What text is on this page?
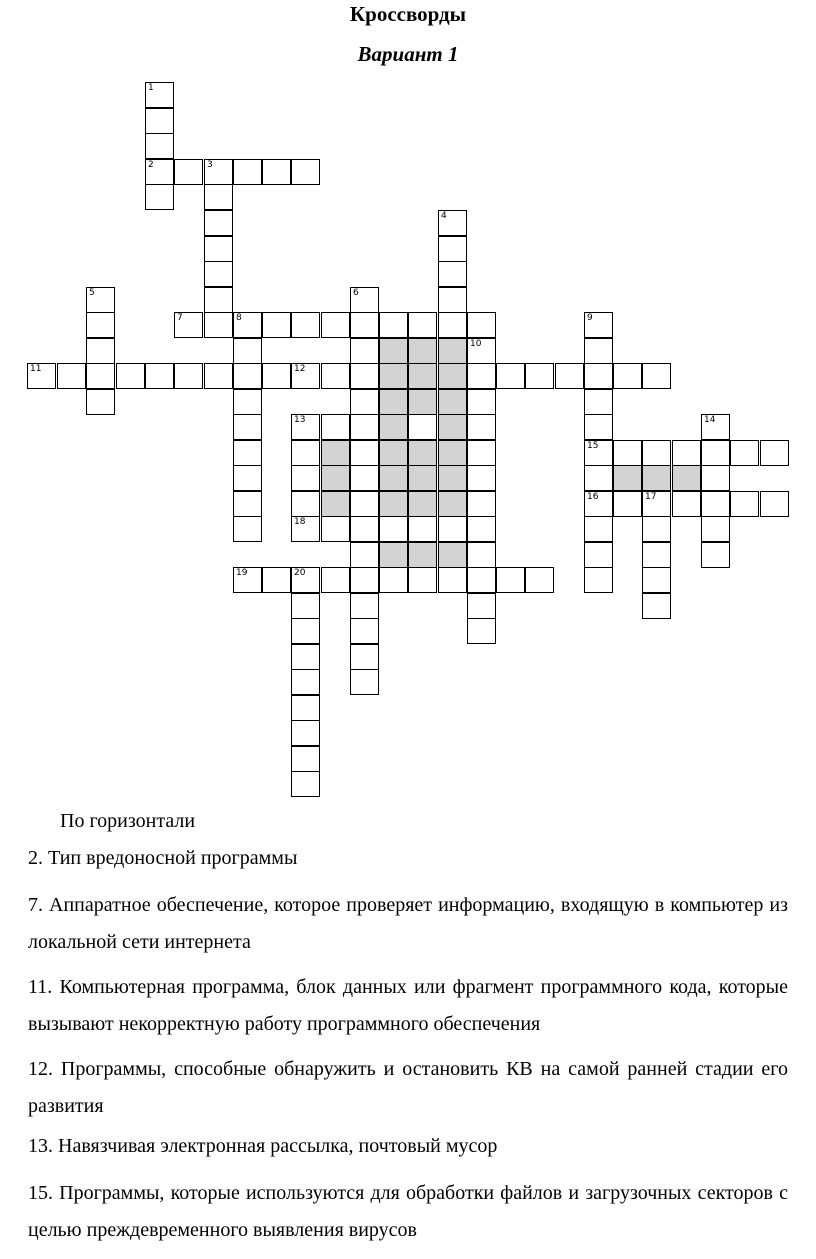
Кроссворды
Вариант 1
1
2	3
4
5	6
7	8	9
15
16
10
11	12
13
18
14
17
19	20
По горизонтали
2. Тип вредоносной программы
7. Аппаратное обеспечение, которое проверяет информацию, входящую в компьютер из локальной сети интернета
11. Компьютерная программа, блок данных или фрагмент программного кода, которые вызывают некорректную работу программного обеспечения
12. Программы, способные обнаружить и остановить КВ на самой ранней стадии его развития
13. Навязчивая электронная рассылка, почтовый мусор
15. Программы, которые используются для обработки файлов и загрузочных секторов с целью преждевременного выявления вирусов
